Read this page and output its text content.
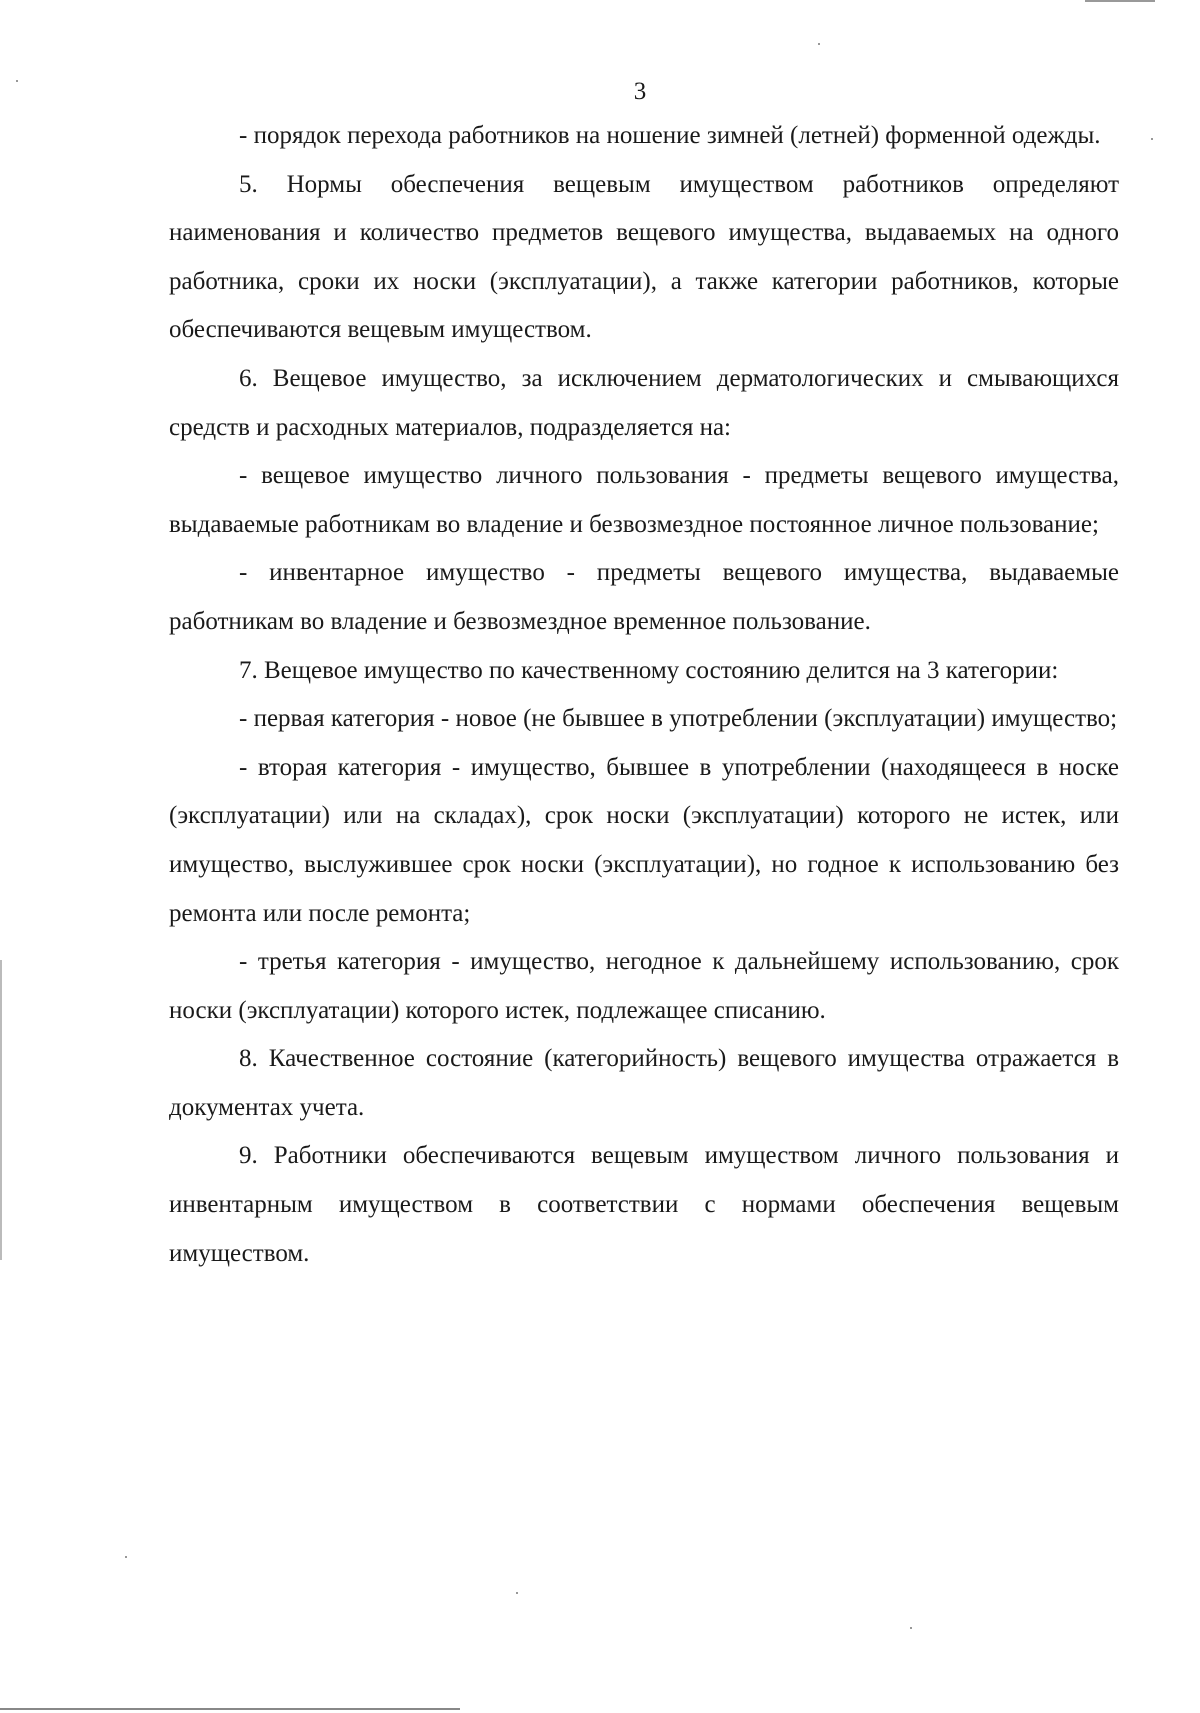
3

- порядок перехода работников на ношение зимней (летней) форменной одежды.

5. Нормы обеспечения вещевым имуществом работников определяют наименования и количество предметов вещевого имущества, выдаваемых на одного работника, сроки их носки (эксплуатации), а также категории работников, которые обеспечиваются вещевым имуществом.

6. Вещевое имущество, за исключением дерматологических и смывающихся средств и расходных материалов, подразделяется на:

- вещевое имущество личного пользования - предметы вещевого имущества, выдаваемые работникам во владение и безвозмездное постоянное личное пользование;

- инвентарное имущество - предметы вещевого имущества, выдаваемые работникам во владение и безвозмездное временное пользование.

7. Вещевое имущество по качественному состоянию делится на 3 категории:

- первая категория - новое (не бывшее в употреблении (эксплуатации) имущество;

- вторая категория - имущество, бывшее в употреблении (находящееся в носке (эксплуатации) или на складах), срок носки (эксплуатации) которого не истек, или имущество, выслужившее срок носки (эксплуатации), но годное к использованию без ремонта или после ремонта;

- третья категория - имущество, негодное к дальнейшему использованию, срок носки (эксплуатации) которого истек, подлежащее списанию.

8. Качественное состояние (категорийность) вещевого имущества отражается в документах учета.

9. Работники обеспечиваются вещевым имуществом личного пользования и инвентарным имуществом в соответствии с нормами обеспечения вещевым имуществом.
